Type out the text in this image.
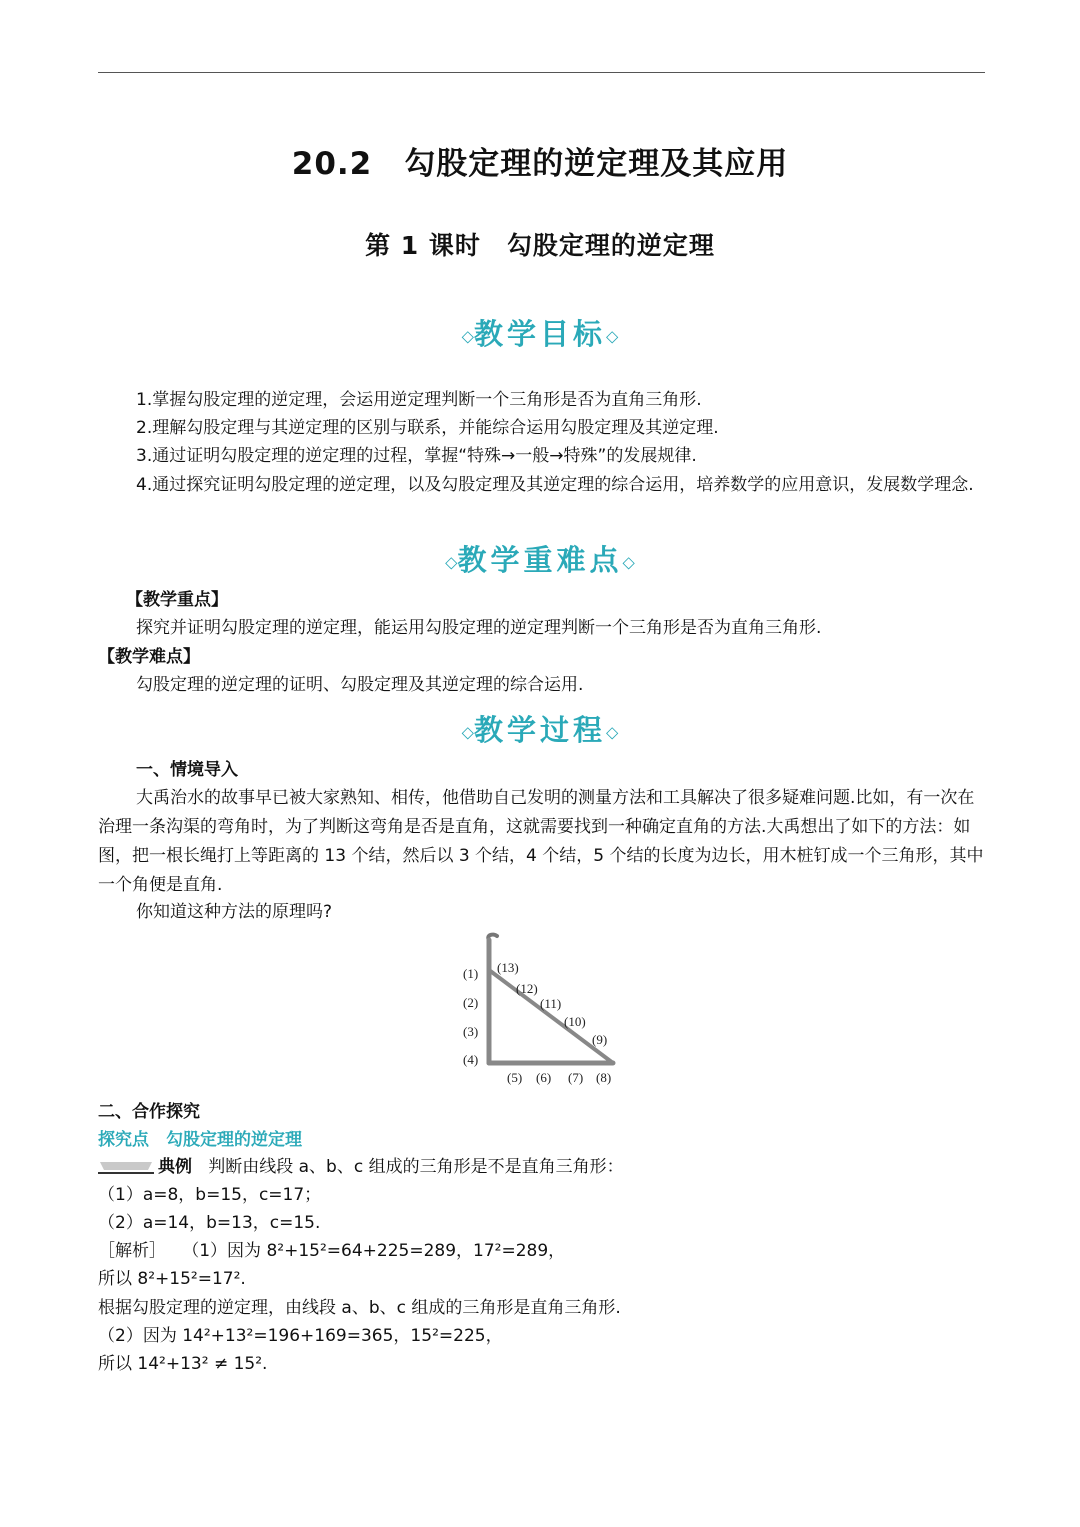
20.2　勾股定理的逆定理及其应用
第 1 课时　勾股定理的逆定理
◇教学目标◇
1.掌握勾股定理的逆定理，会运用逆定理判断一个三角形是否为直角三角形.
2.理解勾股定理与其逆定理的区别与联系，并能综合运用勾股定理及其逆定理.
3.通过证明勾股定理的逆定理的过程，掌握“特殊→一般→特殊”的发展规律.
4.通过探究证明勾股定理的逆定理，以及勾股定理及其逆定理的综合运用，培养数学的应用意识，发展数学理念.
◇教学重难点◇
【教学重点】
探究并证明勾股定理的逆定理，能运用勾股定理的逆定理判断一个三角形是否为直角三角形.
【教学难点】
勾股定理的逆定理的证明、勾股定理及其逆定理的综合运用.
◇教学过程◇
一、情境导入
大禹治水的故事早已被大家熟知、相传，他借助自己发明的测量方法和工具解决了很多疑难问题.比如，有一次在治理一条沟渠的弯角时，为了判断这弯角是否是直角，这就需要找到一种确定直角的方法.大禹想出了如下的方法：如图，把一根长绳打上等距离的 13 个结，然后以 3 个结，4 个结，5 个结的长度为边长，用木桩钉成一个三角形，其中一个角便是直角.
你知道这种方法的原理吗?
(1)
(2)
(3)
(4)
(5) (6) (7) (8)
(13)
(12)
(11)
(10)
(9)
二、合作探究
探究点　勾股定理的逆定理
典例 判断由线段 a、b、c 组成的三角形是不是直角三角形：
（1）a=8，b=15，c=17；
（2）a=14，b=13，c=15.
［解析］ （1）因为 8²+15²=64+225=289，17²=289，
所以 8²+15²=17².
根据勾股定理的逆定理，由线段 a、b、c 组成的三角形是直角三角形.
（2）因为 14²+13²=196+169=365，15²=225，
所以 14²+13² ≠ 15².
